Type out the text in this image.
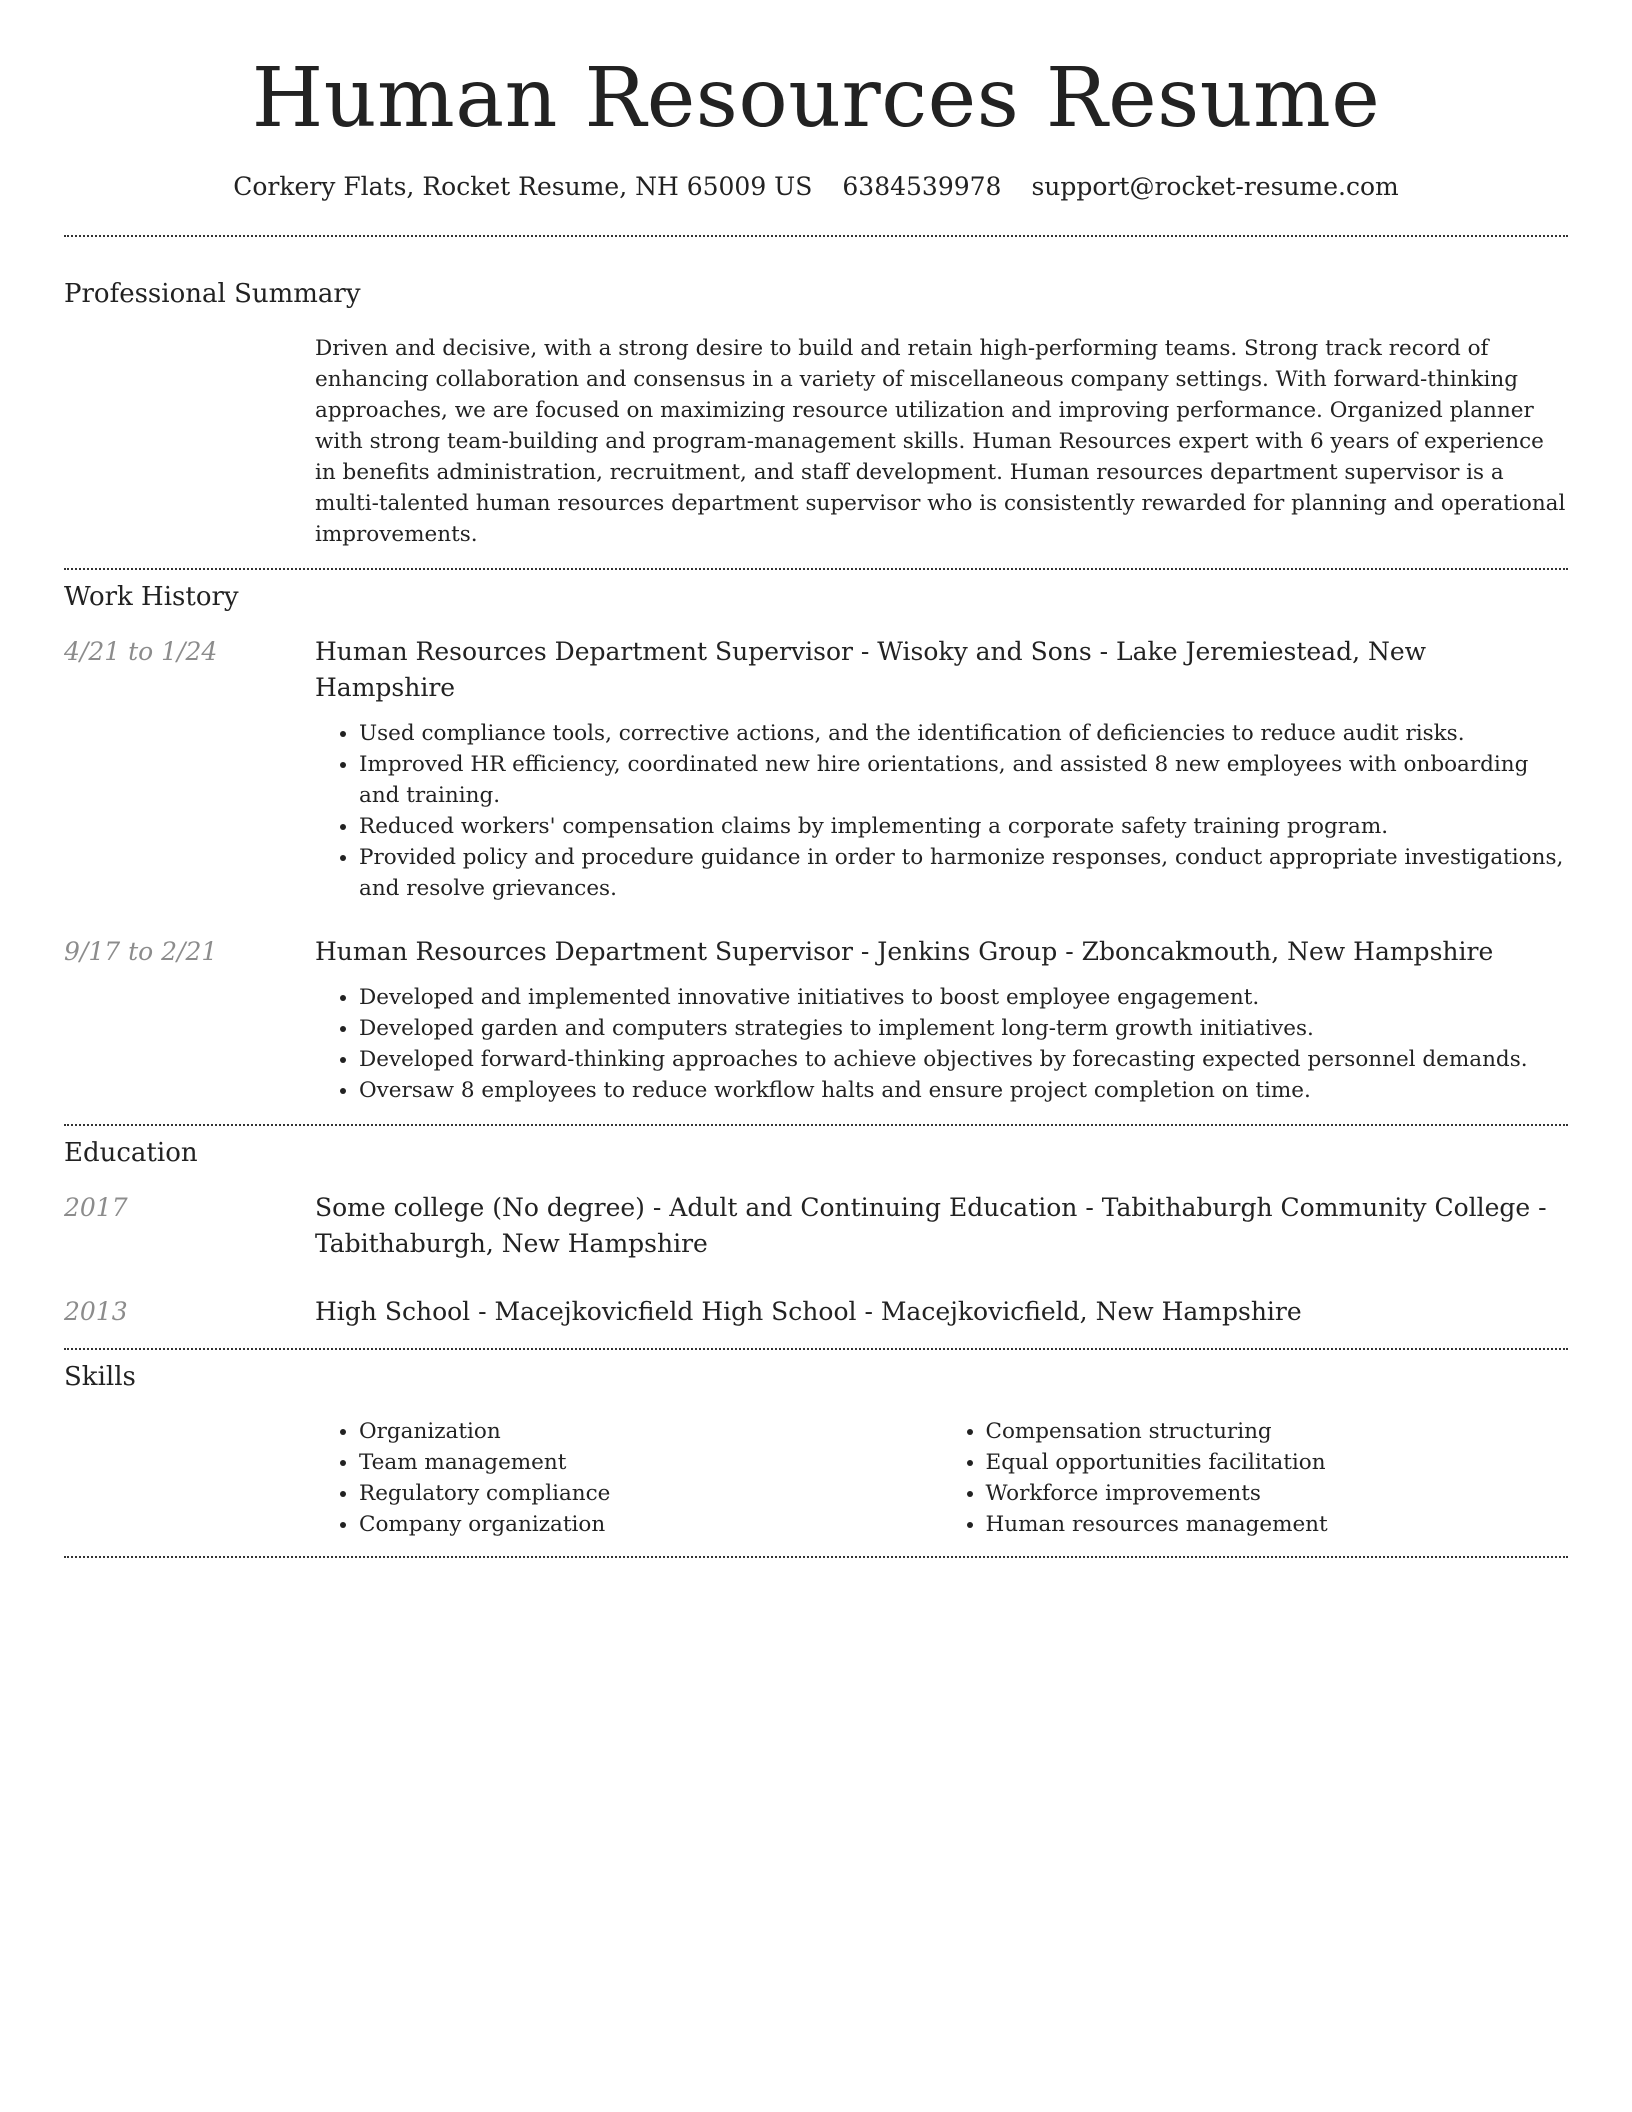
Human Resources Resume
Corkery Flats, Rocket Resume, NH 65009 US 6384539978 support@rocket-resume.com
Professional Summary

Driven and decisive, with a strong desire to build and retain high-performing teams. Strong track record of enhancing collaboration and consensus in a variety of miscellaneous company settings. With forward-thinking approaches, we are focused on maximizing resource utilization and improving performance. Organized planner with strong team-building and program-management skills. Human Resources expert with 6 years of experience in benefits administration, recruitment, and staff development. Human resources department supervisor is a multi-talented human resources department supervisor who is consistently rewarded for planning and operational improvements.

Work History
4/21 to 1/24	Human Resources Department Supervisor - Wisoky and Sons - Lake Jeremiestead, New Hampshire
• Used compliance tools, corrective actions, and the identification of deficiencies to reduce audit risks.
• Improved HR efficiency, coordinated new hire orientations, and assisted 8 new employees with onboarding and training.
• Reduced workers' compensation claims by implementing a corporate safety training program.
• Provided policy and procedure guidance in order to harmonize responses, conduct appropriate investigations, and resolve grievances.
9/17 to 2/21	Human Resources Department Supervisor - Jenkins Group - Zboncakmouth, New Hampshire
• Developed and implemented innovative initiatives to boost employee engagement.
• Developed garden and computers strategies to implement long-term growth initiatives.
• Developed forward-thinking approaches to achieve objectives by forecasting expected personnel demands.
• Oversaw 8 employees to reduce workflow halts and ensure project completion on time.
Education
2017	Some college (No degree) - Adult and Continuing Education - Tabithaburgh Community College - Tabithaburgh, New Hampshire
2013	High School - Macejkovicfield High School - Macejkovicfield, New Hampshire
Skills
• Organization
• Team management
• Regulatory compliance
• Company organization
• Compensation structuring
• Equal opportunities facilitation
• Workforce improvements
• Human resources management
